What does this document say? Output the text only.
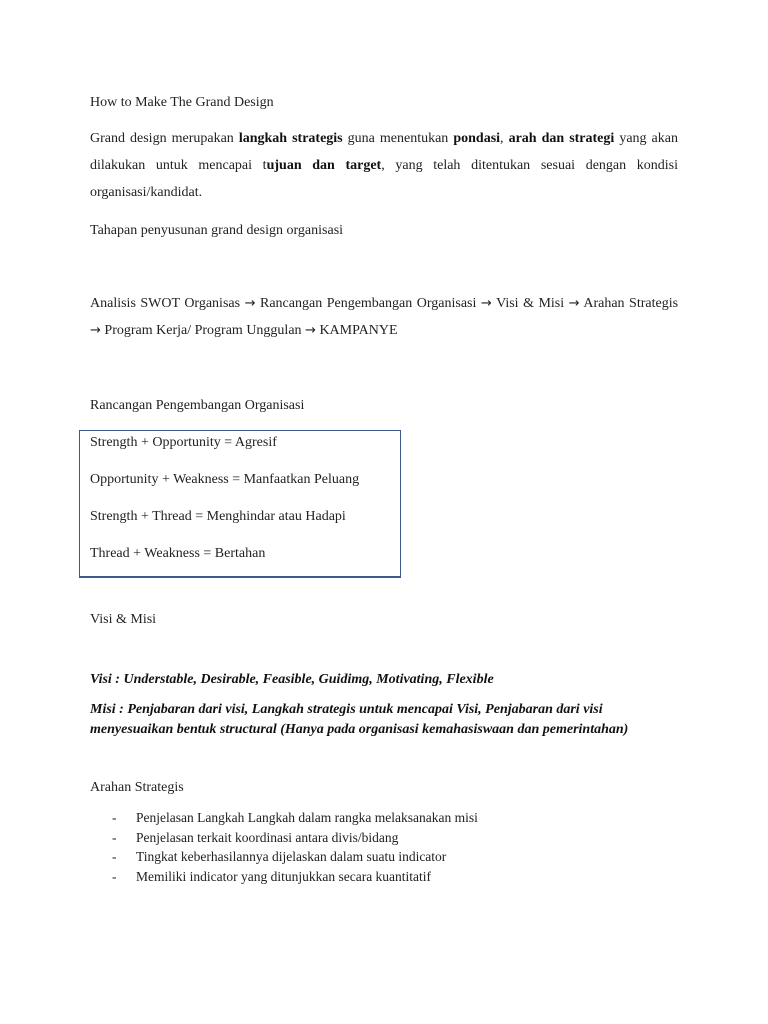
How to Make The Grand Design

Grand design merupakan langkah strategis guna menentukan pondasi, arah dan strategi yang akan dilakukan untuk mencapai tujuan dan target, yang telah ditentukan sesuai dengan kondisi organisasi/kandidat.

Tahapan penyusunan grand design organisasi

Analisis SWOT Organisas → Rancangan Pengembangan Organisasi → Visi & Misi → Arahan Strategis → Program Kerja/ Program Unggulan → KAMPANYE

Rancangan Pengembangan Organisasi
Strength + Opportunity = Agresif
Opportunity + Weakness = Manfaatkan Peluang
Strength + Thread = Menghindar atau Hadapi
Thread + Weakness = Bertahan
Visi & Misi
Visi : Understable, Desirable, Feasible, Guidimg, Motivating, Flexible

Misi : Penjabaran dari visi, Langkah strategis untuk mencapai Visi, Penjabaran dari visi menyesuaikan bentuk structural (Hanya pada organisasi kemahasiswaan dan pemerintahan)

Arahan Strategis
- Penjelasan Langkah Langkah dalam rangka melaksanakan misi
- Penjelasan terkait koordinasi antara divis/bidang
- Tingkat keberhasilannya dijelaskan dalam suatu indicator
- Memiliki indicator yang ditunjukkan secara kuantitatif
